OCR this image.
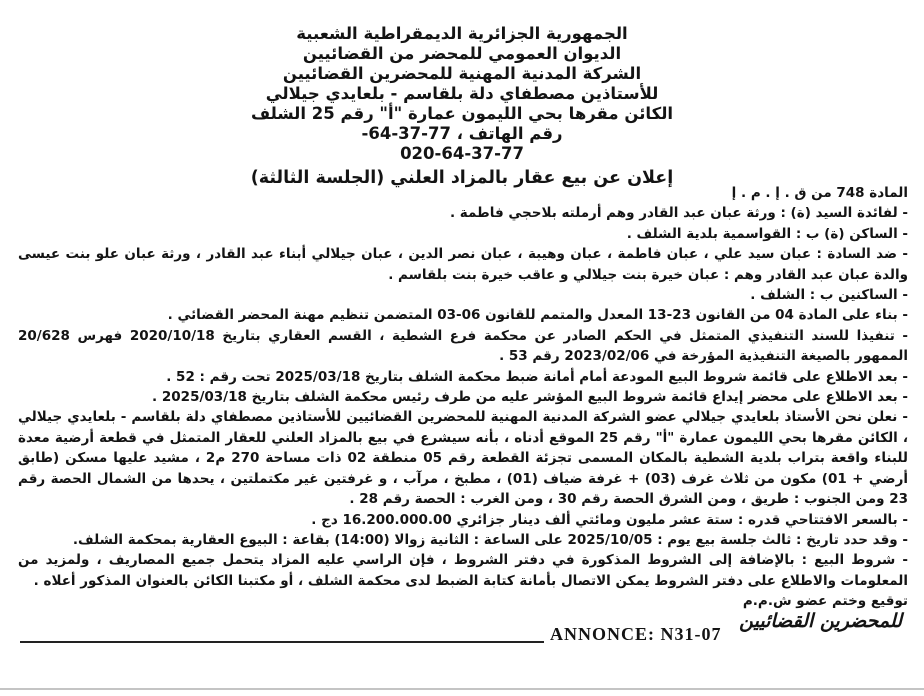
الجمهورية الجزائرية الديمقراطية الشعبية
الديوان العمومي للمحضر من القضائيين
الشركة المدنية المهنية للمحضرين القضائيين
للأستاذين مصطفاي دلة بلقاسم - بلعايدي جيلالي
الكائن مقرها بحي الليمون عمارة "أ" رقم 25 الشلف
رقم الهاتف ، 77-37-64-
020-64-37-77
إعلان عن بيع عقار بالمزاد العلني (الجلسة الثالثة)

المادة 748 من ق . إ . م . إ

- لفائدة السيد (ة) : ورثة عبان عبد القادر وهم أرملته بلاحجي فاطمة .

- الساكن (ة) ب : القواسمية بلدية الشلف .

- ضد السادة : عبان سيد علي ، عبان فاطمة ، عبان وهيبة ، عبان نصر الدين ، عبان جيلالي أبناء عبد القادر ، ورثة عبان علو بنت عيسى والدة عبان عبد القادر وهم : عبان خيرة بنت جيلالي و عاقب خيرة بنت بلقاسم .

- الساكنين ب : الشلف .

- بناء على المادة 04 من القانون 23-13 المعدل والمتمم للقانون 06-03 المتضمن تنظيم مهنة المحضر القضائي .

- تنفيذا للسند التنفيذي المتمثل في الحكم الصادر عن محكمة فرع الشطية ، القسم العقاري بتاريخ 2020/10/18 فهرس 20/628 الممهور بالصيغة التنفيذية المؤرخة في 2023/02/06 رقم 53 .

- بعد الاطلاع على قائمة شروط البيع المودعة أمام أمانة ضبط محكمة الشلف بتاريخ 2025/03/18 تحت رقم : 52 .

- بعد الاطلاع على محضر إيداع قائمة شروط البيع المؤشر عليه من طرف رئيس محكمة الشلف بتاريخ 2025/03/18 .

- نعلن نحن الأستاذ بلعايدي جيلالي عضو الشركة المدنية المهنية للمحضرين القضائيين للأستاذين مصطفاي دلة بلقاسم - بلعايدي جيلالي ، الكائن مقرها بحي الليمون عمارة "أ" رقم 25 الموقع أدناه ، بأنه سيشرع في بيع بالمزاد العلني للعقار المتمثل في قطعة أرضية معدة للبناء واقعة بتراب بلدية الشطية بالمكان المسمى تجزئة القطعة رقم 05 منطقة 02 ذات مساحة 270 م2 ، مشيد عليها مسكن (طابق أرضي + 01) مكون من ثلاث غرف (03) + غرفة ضياف (01) ، مطبخ ، مرآب ، و غرفتين غير مكتملتين ، يحدها من الشمال الحصة رقم 23 ومن الجنوب : طريق ، ومن الشرق الحصة رقم 30 ، ومن الغرب : الحصة رقم 28 .

- بالسعر الافتتاحي قدره : ستة عشر مليون ومائتي ألف دينار جزائري 16.200.000.00 دج .

- وقد حدد تاريخ : ثالث جلسة بيع يوم : 2025/10/05 على الساعة : الثانية زوالا (14:00) بقاعة : البيوع العقارية بمحكمة الشلف.

- شروط البيع : بالإضافة إلى الشروط المذكورة في دفتر الشروط ، فإن الراسي عليه المزاد يتحمل جميع المصاريف ، ولمزيد من المعلومات والاطلاع على دفتر الشروط يمكن الاتصال بأمانة كتابة الضبط لدى محكمة الشلف ، أو مكتبنا الكائن بالعنوان المذكور أعلاه .

توقيع وختم عضو ش.م.م

للمحضرين القضائيين
ANNONCE: N31-07
